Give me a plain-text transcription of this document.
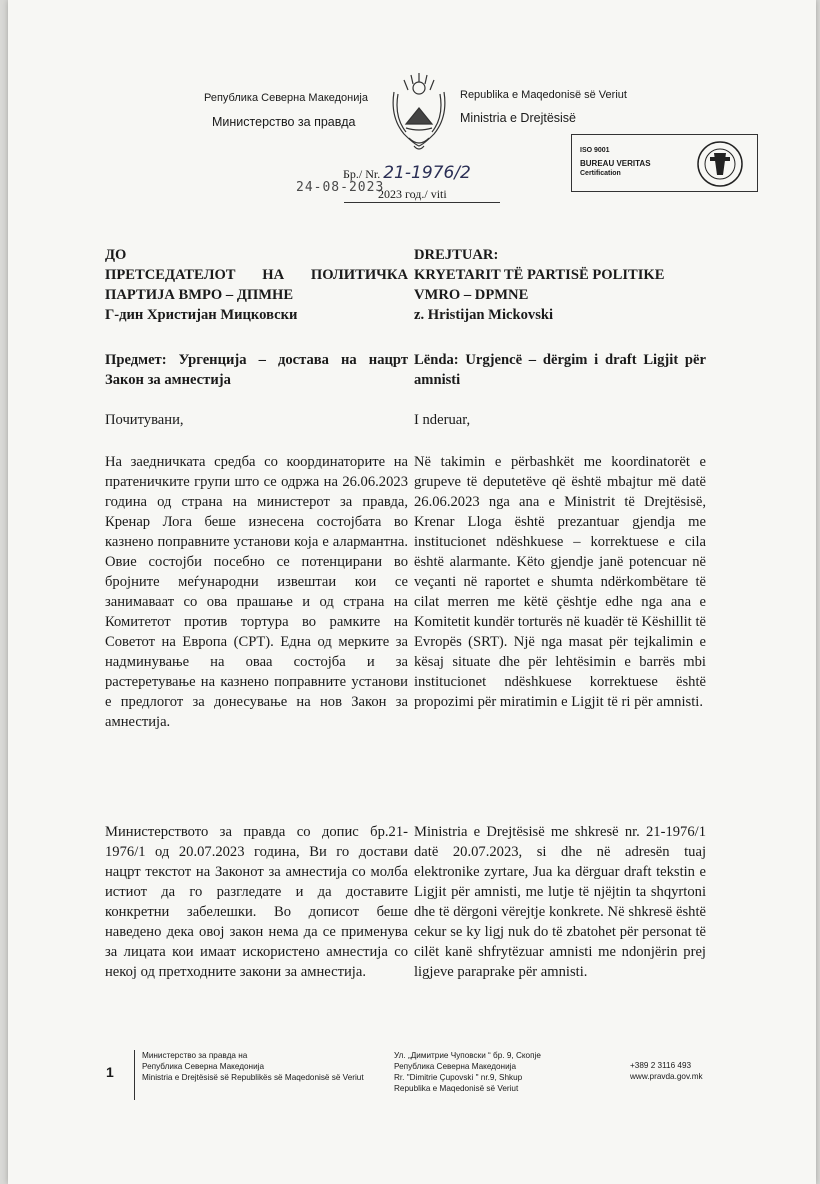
Република Северна Македонија
Министерство за правда
Republika e Maqedonisë së Veriut
Ministria e Drejtësisë
ISO 9001
BUREAU VERITAS
Certification
Бр./ Nr. 21-1976/2
24-08-2023
2023 год./ viti
ДО
ПРЕТСЕДАТЕЛОТ НА ПОЛИТИЧКА
ПАРТИЈА ВМРО – ДПМНЕ
Г-дин Христијан Мицковски
DREJTUAR:
KRYETARIT TË PARTISË POLITIKE
VMRO – DPMNE
z. Hristijan Mickovski

Предмет: Ургенција – достава на нацрт Закон за амнестија

Lënda: Urgjencë – dërgim i draft Ligjit për amnisti

Почитувани,	I nderuar,

На заедничката средба со координаторите на пратеничките групи што се одржа на 26.06.2023 година од страна на министерот за правда, Кренар Лога беше изнесена состојбата во казнено поправните установи која е алармантна. Овие состојби посебно се потенцирани во бројните меѓународни извештаи кои се занимаваат со ова прашање и од страна на Комитетот против тортура во рамките на Советот на Европа (CPT). Една од мерките за надминување на оваа состојба и за растеретување на казнено поправните установи е предлогот за донесување на нов Закон за амнестија.

Në takimin e përbashkët me koordinatorët e grupeve të deputetëve që është mbajtur më datë 26.06.2023 nga ana e Ministrit të Drejtësisë, Krenar Lloga është prezantuar gjendja me institucionet ndëshkuese – korrektuese e cila është alarmante. Këto gjendje janë potencuar në veçanti në raportet e shumta ndërkombëtare të cilat merren me këtë çështje edhe nga ana e Komitetit kundër torturës në kuadër të Këshillit të Evropës (SRT). Një nga masat për tejkalimin e kësaj situate dhe për lehtësimin e barrës mbi institucionet ndëshkuese korrektuese është propozimi për miratimin e Ligjit të ri për amnisti.

Министерството за правда со допис бр.21-1976/1 од 20.07.2023 година, Ви го достави нацрт текстот на Законот за амнестија со молба истиот да го разгледате и да доставите конкретни забелешки. Во дописот беше наведено дека овој закон нема да се применува за лицата кои имаат искористено амнестија со некој од претходните закони за амнестија.

Ministria e Drejtësisë me shkresë nr. 21-1976/1 datë 20.07.2023, si dhe në adresën tuaj elektronike zyrtare, Jua ka dërguar draft tekstin e Ligjit për amnisti, me lutje të njëjtin ta shqyrtoni dhe të dërgoni vërejtje konkrete. Në shkresë është cekur se ky ligj nuk do të zbatohet për personat të cilët kanë shfrytëzuar amnisti me ndonjërin prej ligjeve paraprake për amnisti.

1
Министерство за правда на
Република Северна Македонија
Ministria e Drejtësisë së Republikës së Maqedonisë së Veriut
Ул. „Димитрие Чуповски “ бр. 9, Скопје
Република Северна Македонија
Rr. "Dimitrie Çupovski " nr.9, Shkup
Republika e Maqedonisë së Veriut
+389 2 3116 493
www.pravda.gov.mk
